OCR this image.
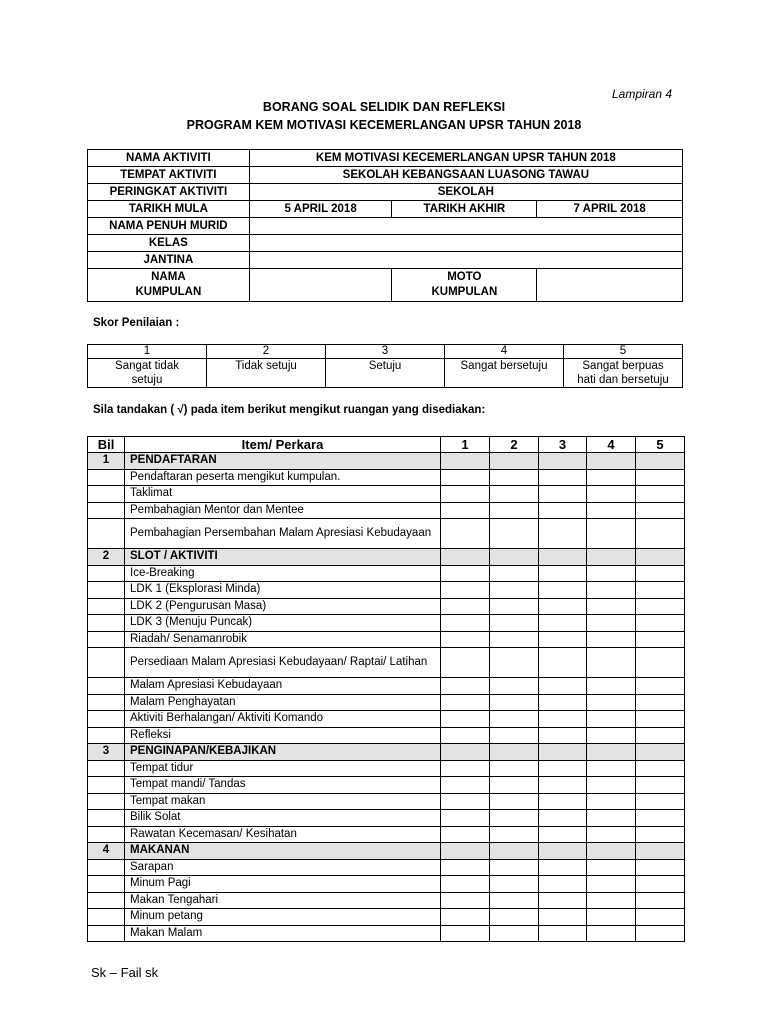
Lampiran 4
BORANG SOAL SELIDIK DAN REFLEKSI
PROGRAM KEM MOTIVASI KECEMERLANGAN UPSR TAHUN 2018
NAMA AKTIVITI	KEM MOTIVASI KECEMERLANGAN UPSR TAHUN 2018		
TEMPAT AKTIVITI	SEKOLAH KEBANGSAAN LUASONG TAWAU		
PERINGKAT AKTIVITI	SEKOLAH		
TARIKH MULA	5 APRIL 2018	TARIKH AKHIR	7 APRIL 2018
NAMA PENUH MURID			
KELAS			
JANTINA			
NAMA
KUMPULAN		MOTO
KUMPULAN	
Skor Penilaian :
1	2	3	4	5
Sangat tidak
setuju	Tidak setuju	Setuju	Sangat bersetuju	Sangat berpuas
hati dan bersetuju
Sila tandakan ( √) pada item berikut mengikut ruangan yang disediakan:
Bil	Item/ Perkara	1	2	3	4	5
1	PENDAFTARAN					
	Pendaftaran peserta mengikut kumpulan.					
	Taklimat					
	Pembahagian Mentor dan Mentee					
	Pembahagian Persembahan Malam Apresiasi Kebudayaan					
2	SLOT / AKTIVITI					
	Ice-Breaking					
	LDK 1 (Eksplorasi Minda)					
	LDK 2 (Pengurusan Masa)					
	LDK 3 (Menuju Puncak)					
	Riadah/ Senamanrobik					
	Persediaan Malam Apresiasi Kebudayaan/ Raptai/ Latihan					
	Malam Apresiasi Kebudayaan					
	Malam Penghayatan					
	Aktiviti Berhalangan/ Aktiviti Komando					
	Refleksi					
3	PENGINAPAN/KEBAJIKAN					
	Tempat tidur					
	Tempat mandi/ Tandas					
	Tempat makan					
	Bilik Solat					
	Rawatan Kecemasan/ Kesihatan					
4	MAKANAN					
	Sarapan					
	Minum Pagi					
	Makan Tengahari					
	Minum petang					
	Makan Malam					
Sk – Fail sk
